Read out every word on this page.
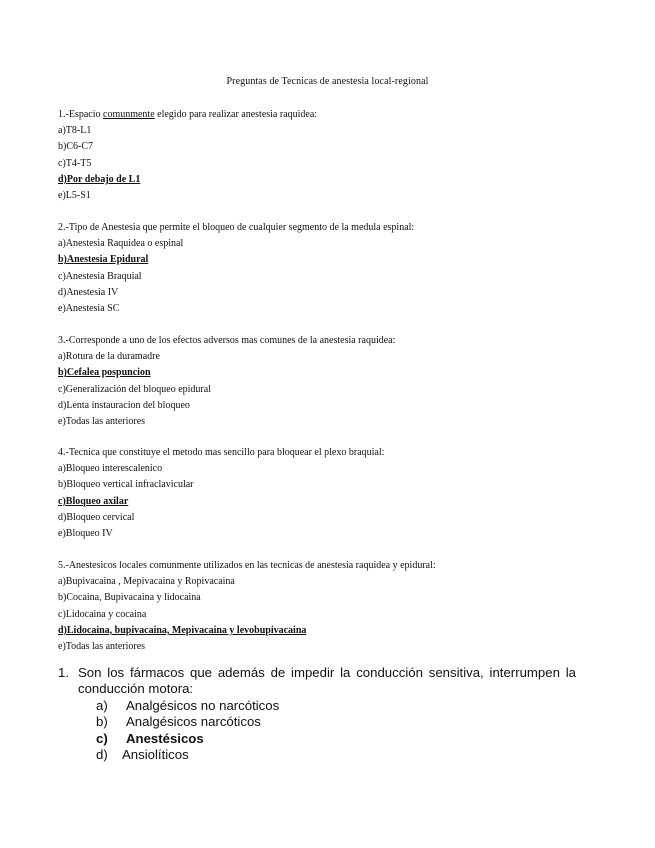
Preguntas de Tecnicas de anestesia local-regional
1.-Espacio comunmente elegido para realizar anestesia raquidea:
a)T8-L1
b)C6-C7
c)T4-T5
d)Por debajo de L1
e)L5-S1
2.-Tipo de Anestesia que permite el bloqueo de cualquier segmento de la medula espinal:
a)Anestesia Raquidea o espinal
b)Anestesia Epidural
c)Anestesia Braquial
d)Anestesia IV
e)Anestesia SC
3.-Corresponde a uno de los efectos adversos mas comunes de la anestesia raquidea:
a)Rotura de la duramadre
b)Cefalea pospuncion
c)Generalización del bloqueo epidural
d)Lenta instauracion del bloqueo
e)Todas las anteriores
4.-Tecnica que constituye el metodo mas sencillo para bloquear el plexo braquial:
a)Bloqueo interescalenico
b)Bloqueo vertical infraclavicular
c)Bloqueo axilar
d)Bloqueo cervical
e)Bloqueo IV
5.-Anestesicos locales comunmente utilizados en las tecnicas de anestesia raquidea y epidural:
a)Bupivacaina , Mepivacaina y Ropivacaina
b)Cocaina, Bupivacaina y lidocaina
c)Lidocaina y cocaina
d)Lidocaina, bupivacaina, Mepivacaina y levobupivacaina
e)Todas las anteriores
1. Son los fármacos que además de impedir la conducción sensitiva, interrumpen la conducción motora:
a)	Analgésicos no narcóticos
b)	Analgésicos narcóticos
c)	Anestésicos
d)	Ansiolíticos
